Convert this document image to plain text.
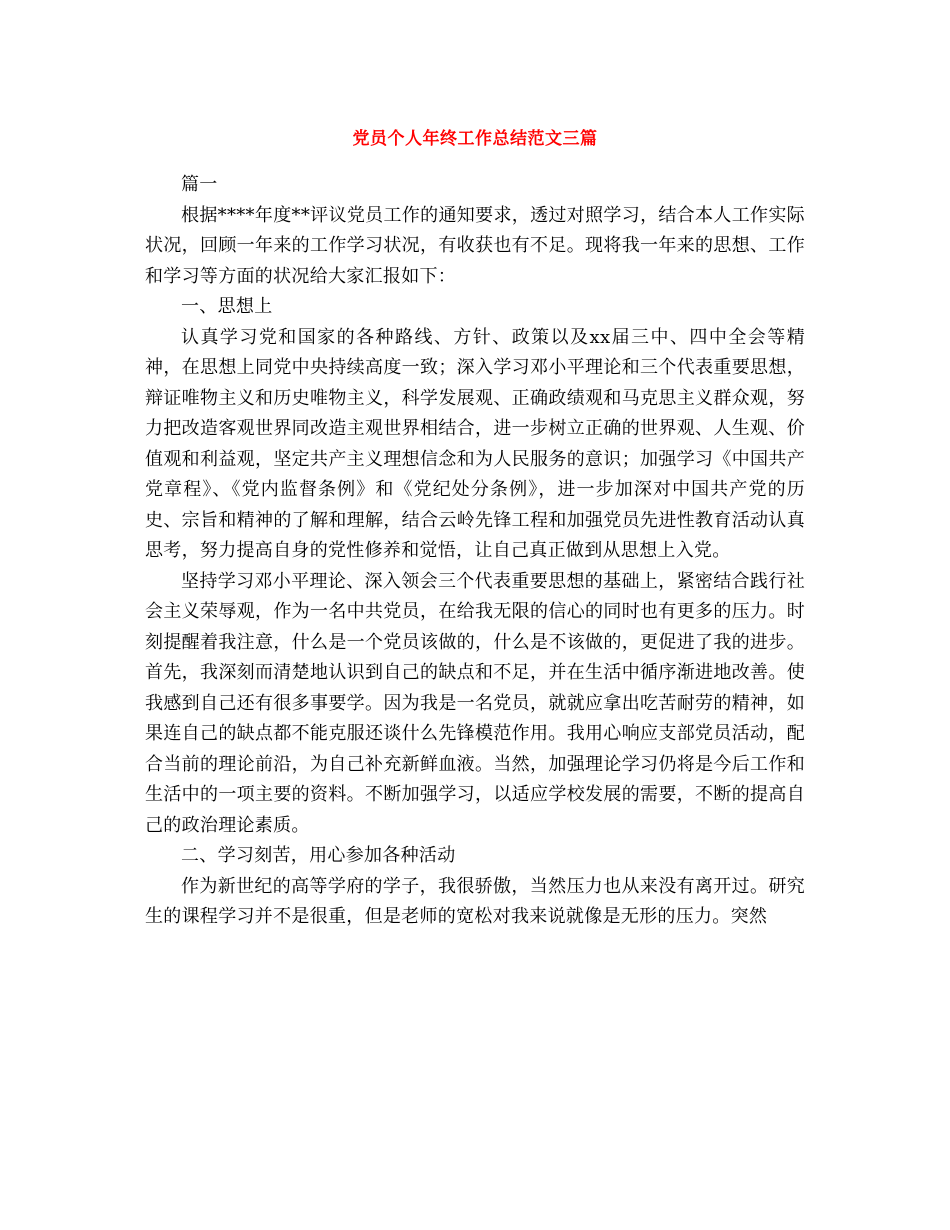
党员个人年终工作总结范文三篇

篇一

根据****年度**评议党员工作的通知要求，透过对照学习，结合本人工作实际状况，回顾一年来的工作学习状况，有收获也有不足。现将我一年来的思想、工作和学习等方面的状况给大家汇报如下：

一、思想上

认真学习党和国家的各种路线、方针、政策以及xx届三中、四中全会等精神，在思想上同党中央持续高度一致；深入学习邓小平理论和三个代表重要思想，辩证唯物主义和历史唯物主义，科学发展观、正确政绩观和马克思主义群众观，努力把改造客观世界同改造主观世界相结合，进一步树立正确的世界观、人生观、价值观和利益观，坚定共产主义理想信念和为人民服务的意识；加强学习《中国共产党章程》、《党内监督条例》和《党纪处分条例》，进一步加深对中国共产党的历史、宗旨和精神的了解和理解，结合云岭先锋工程和加强党员先进性教育活动认真思考，努力提高自身的党性修养和觉悟，让自己真正做到从思想上入党。

坚持学习邓小平理论、深入领会三个代表重要思想的基础上，紧密结合践行社会主义荣辱观，作为一名中共党员，在给我无限的信心的同时也有更多的压力。时刻提醒着我注意，什么是一个党员该做的，什么是不该做的，更促进了我的进步。首先，我深刻而清楚地认识到自己的缺点和不足，并在生活中循序渐进地改善。使我感到自己还有很多事要学。因为我是一名党员，就就应拿出吃苦耐劳的精神，如果连自己的缺点都不能克服还谈什么先锋模范作用。我用心响应支部党员活动，配合当前的理论前沿，为自己补充新鲜血液。当然，加强理论学习仍将是今后工作和生活中的一项主要的资料。不断加强学习，以适应学校发展的需要，不断的提高自己的政治理论素质。

二、学习刻苦，用心参加各种活动

作为新世纪的高等学府的学子，我很骄傲，当然压力也从来没有离开过。研究生的课程学习并不是很重，但是老师的宽松对我来说就像是无形的压力。突然
